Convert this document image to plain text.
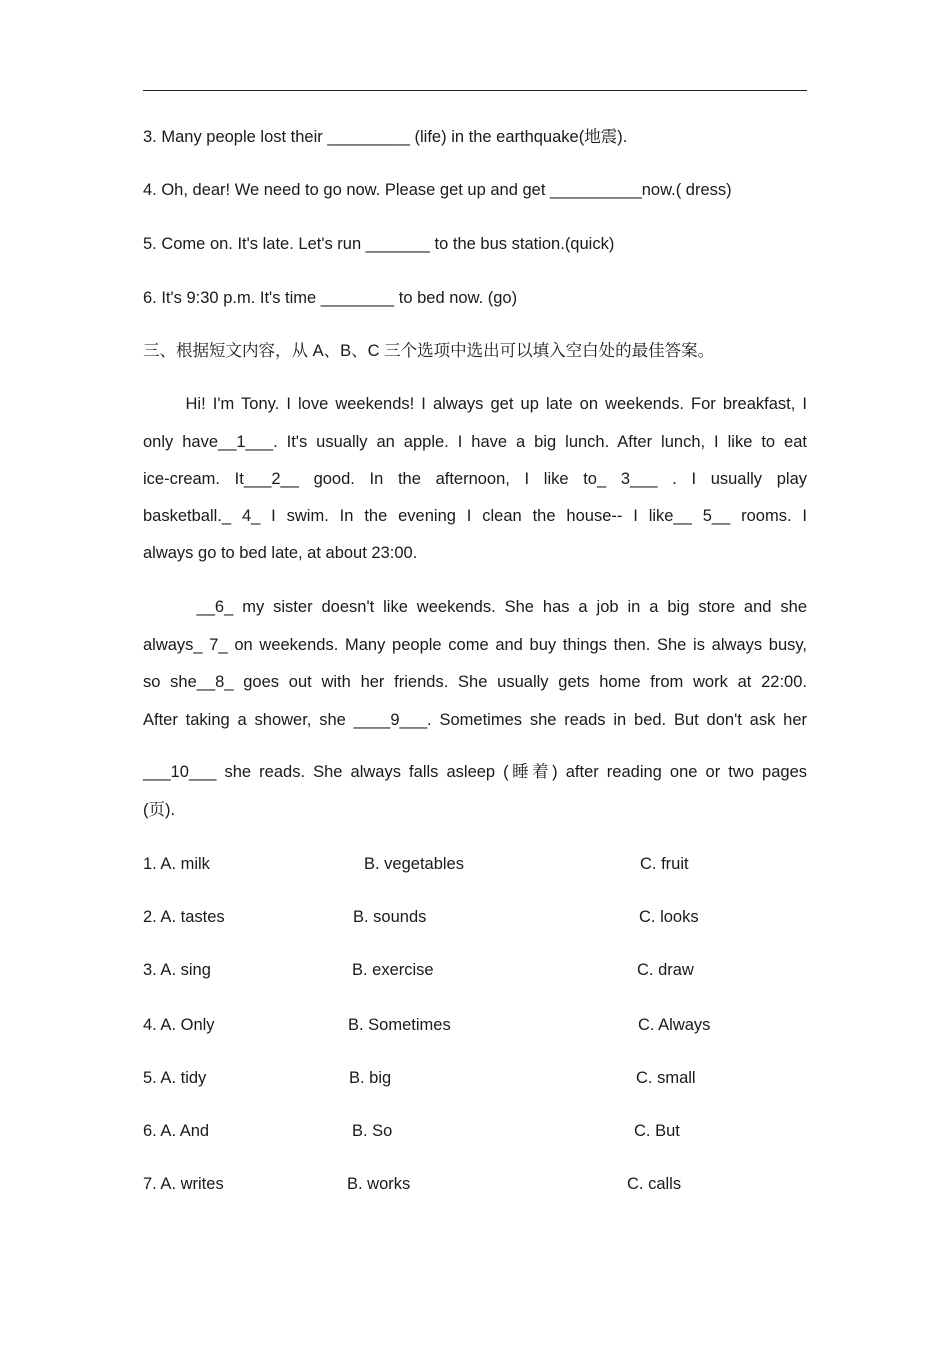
3. Many people lost their _________ (life) in the earthquake(地震).
4. Oh, dear! We need to go now. Please get up and get __________now.( dress)
5. Come on. It's late. Let's run _______ to the bus station.(quick)
6. It's 9:30 p.m. It's time ________ to bed now. (go)
三、根据短文内容，从 A、B、C 三个选项中选出可以填入空白处的最佳答案。
Hi! I'm Tony. I love weekends! I always get up late on weekends. For breakfast, I
only have__1___. It's usually an apple. I have a big lunch. After lunch, I like to eat
ice-cream. It___2__ good. In the afternoon, I like to_ 3___ . I usually play
basketball._ 4_ I swim. In the evening I clean the house-- I like__ 5__ rooms. I
always go to bed late, at about 23:00.
__6_ my sister doesn't like weekends. She has a job in a big store and she
always_ 7_ on weekends. Many people come and buy things then. She is always busy,
so she__8_ goes out with her friends. She usually gets home from work at 22:00.
After taking a shower, she ____9___. Sometimes she reads in bed. But don't ask her
___10___ she reads. She always falls asleep (睡着) after reading one or two pages
(页).
1. A. milk	B. vegetables	C. fruit
2. A. tastes	B. sounds	C. looks
3. A. sing	B. exercise	C. draw
4. A. Only	B. Sometimes	C. Always
5. A. tidy	B. big	C. small
6. A. And	B. So	C. But
7. A. writes	B. works	C. calls
